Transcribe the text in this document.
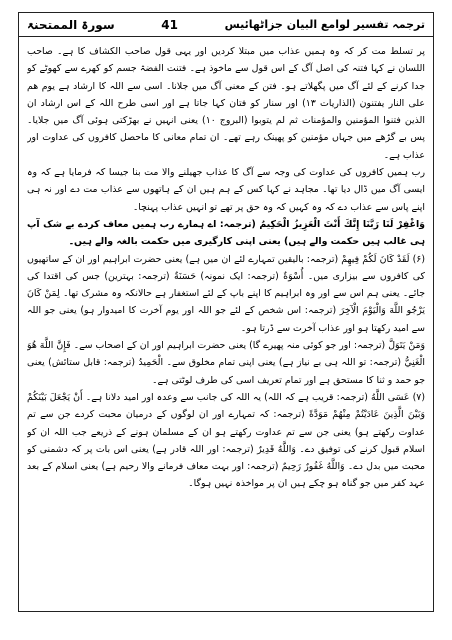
سورۃ الممتحنۃ	41	ترجمہ تفسیر لوامع البیان جزاٹھائیس

پر تسلط مت کر کہ وہ ہمیں عذاب میں مبتلا کردیں اور یہی قول صاحب الکشاف کا ہے۔ صاحب اللسان نے کہا فتنہ کی اصل آگ کے اس قول سے ماخوذ ہے۔ فتنت الفضۃ جسم کو کھرے سے کھوٹے کو جدا کرنے کے لئے آگ میں پگھلاتے ہو۔ فتن کے معنی آگ میں جلانا۔ اسی سے اللہ کا ارشاد ہے یوم ھم علی النار یفتنون (الذاریات ۱۳) اور سنار کو فتان کہا جاتا ہے اور اسی طرح اللہ کے اس ارشاد ان الذین فتنوا المؤمنین والمؤمنات ثم لم یتوبوا (البروج ۱۰) یعنی انہیں نے بھڑکتی ہوئی آگ میں جلایا۔ پس بے گڑھے میں جہاں مؤمنین کو پھینک رہے تھے۔ ان تمام معانی کا ماحصل کافروں کی عداوت اور عذاب ہے۔

رب ہمیں کافروں کی عداوت کی وجہ سے آگ کا عذاب جھیلنے والا مت بنا جیسا کہ فرمایا ہے کہ وہ ایسی آگ میں ڈال دیا تھا۔ مجاہد نے کہا کس کے ہم ہیں ان کے ہاتھوں سے عذاب مت دے اور نہ ہی اپنے پاس سے عذاب دے کہ وہ کہیں کہ وہ حق پر تھے تو انہیں عذاب پہنچا۔

وَاغْفِرْ لَنَا رَبَّنَا إِنَّكَ أَنْتَ الْعَزِيزُ الْحَكِيمُ (ترجمہ: اے ہمارے رب ہمیں معاف کردے بے شک آپ ہی غالب ہیں حکمت والے ہیں) یعنی اپنی کارگیری میں حکمت بالغہ والے ہیں۔

(۶) لَقَدْ كَانَ لَكُمْ فِيهِمْ (ترجمہ: بالیقین تمہارے لئے ان میں ہے) یعنی حضرت ابراہیم اور ان کے ساتھیوں کی کافروں سے بیزاری میں۔ أُسْوَةٌ (ترجمہ: ایک نمونہ) حَسَنَةٌ (ترجمہ: بہترین) جس کی اقتدا کی جائے۔ یعنی ہم اس سے اور وہ ابراہیم کا اپنے باپ کے لئے استغفار ہے حالانکہ وہ مشرک تھا۔ لِمَنْ كَانَ يَرْجُو اللَّهَ وَالْيَوْمَ الْآخِرَ (ترجمہ: اس شخص کے لئے جو اللہ اور یوم آخرت کا امیدوار ہو) یعنی جو اللہ سے امید رکھتا ہو اور عذاب آخرت سے ڈرتا ہو۔

وَمَنْ يَتَوَلَّ (ترجمہ: اور جو کوئی منہ پھیرے گا) یعنی حضرت ابراہیم اور ان کے اصحاب سے۔ فَإِنَّ اللَّهَ هُوَ الْغَنِيُّ (ترجمہ: تو اللہ ہی بے نیاز ہے) یعنی اپنی تمام مخلوق سے۔ الْحَمِيدُ (ترجمہ: قابل ستائش) یعنی جو حمد و ثنا کا مستحق ہے اور تمام تعریف اسی کی طرف لوٹتی ہے۔

(۷) عَسَى اللَّهُ (ترجمہ: قریب ہے کہ اللہ) یہ اللہ کی جانب سے وعدہ اور امید دلانا ہے۔ أَنْ يَجْعَلَ بَيْنَكُمْ وَبَيْنَ الَّذِينَ عَادَيْتُمْ مِنْهُمْ مَوَدَّةً (ترجمہ: کہ تمہارے اور ان لوگوں کے درمیان محبت کردے جن سے تم عداوت رکھتے ہو) یعنی جن سے تم عداوت رکھتے ہو ان کے مسلمان ہونے کے ذریعے جب اللہ ان کو اسلام قبول کرنے کی توفیق دے۔ وَاللَّهُ قَدِيرٌ (ترجمہ: اور اللہ قادر ہے) یعنی اس بات پر کہ دشمنی کو محبت میں بدل دے۔ وَاللَّهُ غَفُورٌ رَحِيمٌ (ترجمہ: اور بہت معاف فرمانے والا رحیم ہے) یعنی اسلام کے بعد عہد کفر میں جو گناہ ہو چکے ہیں ان پر مواخذہ نہیں ہوگا۔
